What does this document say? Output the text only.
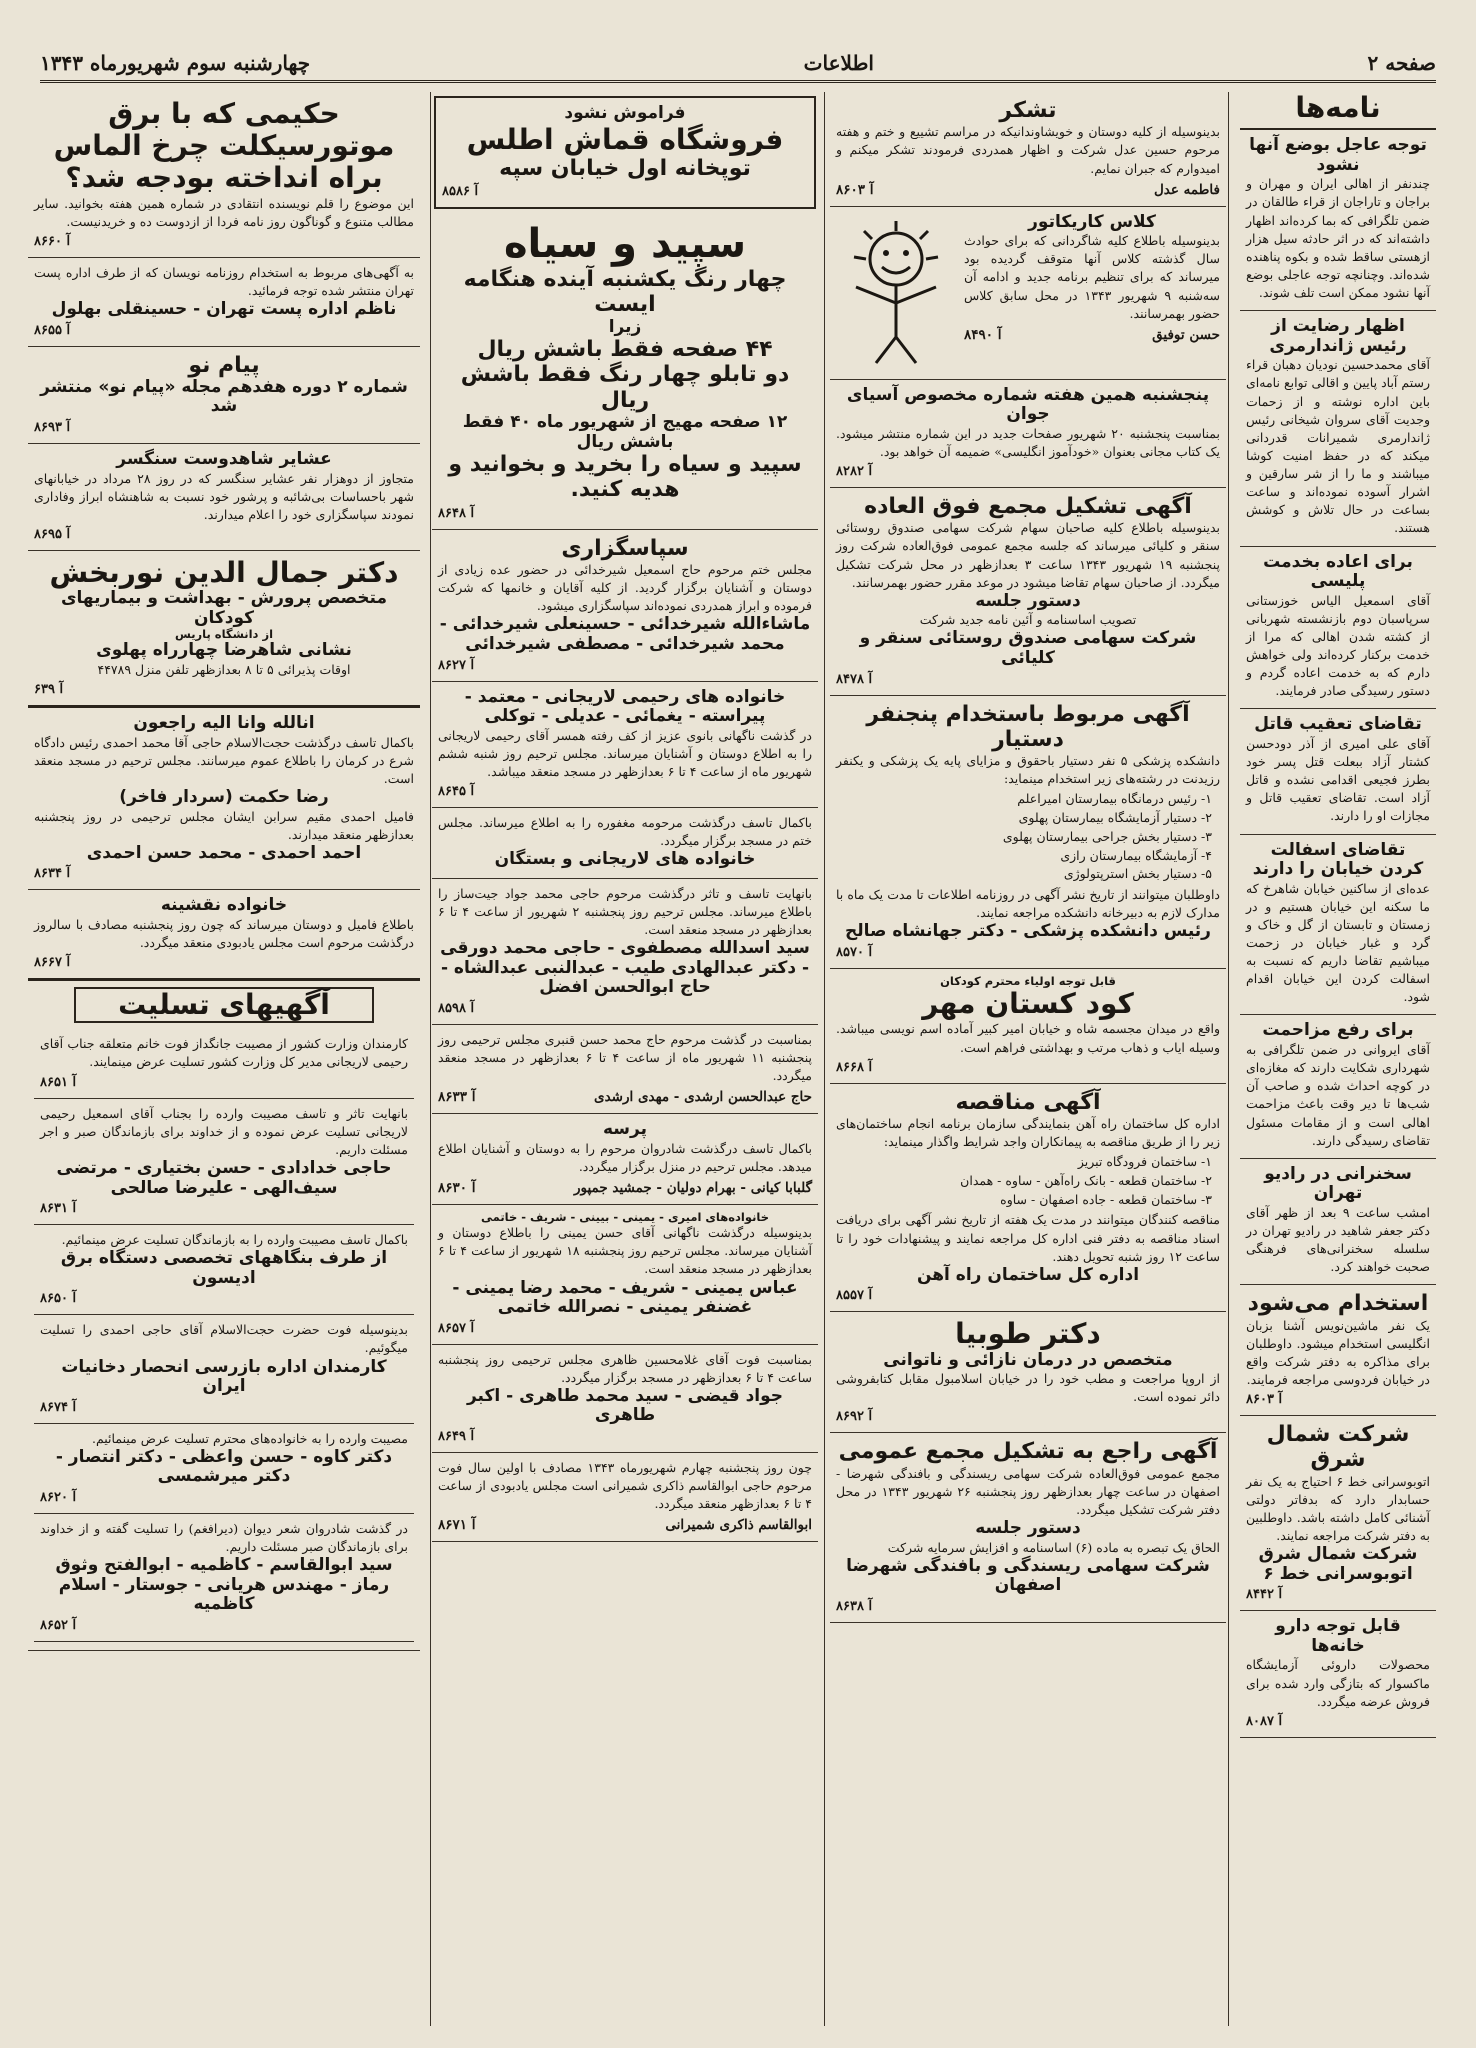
چهارشنبه سوم شهریورماه ۱۳۴۳	اطلاعات	صفحه ۲
نامه‌ها
توجه عاجل بوضع آنها نشود
چندنفر از اهالی ایران و مهران و براجان و تاراجان از قراء طالقان در ضمن تلگرافی که بما کرده‌اند اظهار داشته‌اند که در اثر حادثه سیل هزار ازهستی ساقط شده و بکوه پناهنده شده‌اند. وچنانچه توجه عاجلی بوضع آنها نشود ممکن است تلف شوند.
اظهار رضایت از رئیس ژاندارمری
آقای محمدحسین نودیان دهبان قراء رستم آباد پایین و اقالی توابع نامه‌ای باین اداره نوشته و از زحمات وجدیت آقای سروان شیخانی رئیس ژاندارمری شمیرانات قدردانی میکند که در حفظ امنیت کوشا میباشند و ما را از شر سارقین و اشرار آسوده نموده‌اند و ساعت بساعت در حال تلاش و کوشش هستند.
برای اعاده بخدمت پلیسی
آقای اسمعیل الیاس خوزستانی سرپاسبان دوم بازنشسته شهربانی از کشته شدن اهالی که مرا از خدمت برکنار کرده‌اند ولی خواهش دارم که به خدمت اعاده گردم و دستور رسیدگی صادر فرمایند.
تقاضای تعقیب قاتل
آقای علی امیری از آذر دودحسن کشتار آزاد ببعلت قتل پسر خود بطرز فجیعی اقدامی نشده و قاتل آزاد است. تقاضای تعقیب قاتل و مجازات او را دارند.
تقاضای اسفالت کردن خیابان را دارند
عده‌ای از ساکنین خیابان شاهرخ که ما سکنه این خیابان هستیم و در زمستان و تابستان از گل و خاک و گرد و غبار خیابان در زحمت میباشیم تقاضا داریم که نسبت به اسفالت کردن این خیابان اقدام شود.
برای رفع مزاحمت
آقای ایروانی در ضمن تلگرافی به شهرداری شکایت دارند که مغازه‌ای در کوچه احداث شده و صاحب آن شب‌ها تا دیر وقت باعث مزاحمت اهالی است و از مقامات مسئول تقاضای رسیدگی دارند.
سخنرانی در رادیو تهران
امشب ساعت ۹ بعد از ظهر آقای دکتر جعفر شاهید در رادیو تهران در سلسله سخنرانی‌های فرهنگی صحبت خواهند کرد.
استخدام می‌شود
یک نفر ماشین‌نویس آشنا بزبان انگلیسی استخدام میشود. داوطلبان برای مذاکره به دفتر شرکت واقع در خیابان فردوسی مراجعه فرمایند.
آ ۸۶۰۳
شرکت شمال شرق
اتوبوسرانی خط ۶ احتیاج به یک نفر حسابدار دارد که بدفاتر دولتی آشنائی کامل داشته باشد. داوطلبین به دفتر شرکت مراجعه نمایند.
شرکت شمال شرق اتوبوسرانی خط ۶
آ ۸۴۴۲
قابل توجه دارو خانه‌ها
محصولات داروئی آزمایشگاه ماکسوار که بتازگی وارد شده برای فروش عرضه میگردد.
آ ۸۰۸۷
تشکر
بدینوسیله از کلیه دوستان و خویشاوندانیکه در مراسم تشییع و ختم و هفته مرحوم حسین عدل شرکت و اظهار همدردی فرمودند تشکر میکنم و امیدوارم که جبران نمایم.
فاطمه عدل
آ ۸۶۰۳
کلاس کاریکاتور
بدینوسیله باطلاع کلیه شاگردانی که برای حوادث سال گذشته کلاس آنها متوقف گردیده بود میرساند که برای تنظیم برنامه جدید و ادامه آن سه‌شنبه ۹ شهریور ۱۳۴۳ در محل سابق کلاس حضور بهمرسانند.
حسن توفیق
آ ۸۴۹۰
پنجشنبه همین هفته شماره مخصوص آسیای جوان
بمناسبت پنجشنبه ۲۰ شهریور صفحات جدید در این شماره منتشر میشود. یک کتاب مجانی بعنوان «خودآموز انگلیسی» ضمیمه آن خواهد بود.
آ ۸۲۸۲
آگهی تشکیل مجمع فوق العاده
بدینوسیله باطلاع کلیه صاحبان سهام شرکت سهامی صندوق روستائی سنقر و کلیائی میرساند که جلسه مجمع عمومی فوق‌العاده شرکت روز پنجشنبه ۱۹ شهریور ۱۳۴۳ ساعت ۳ بعدازظهر در محل شرکت تشکیل میگردد. از صاحبان سهام تقاضا میشود در موعد مقرر حضور بهمرسانند.
دستور جلسه
تصویب اساسنامه و آئین نامه جدید شرکت
شرکت سهامی صندوق روستائی سنقر و کلیائی
آ ۸۴۷۸
آگهی مربوط باستخدام پنجنفر دستیار
دانشکده پزشکی ۵ نفر دستیار باحقوق و مزایای پایه یک پزشکی و یکنفر رزیدنت در رشته‌های زیر استخدام مینماید:
۱- رئیس درمانگاه بیمارستان امیراعلم
۲- دستیار آزمایشگاه بیمارستان پهلوی
۳- دستیار بخش جراحی بیمارستان پهلوی
۴- آزمایشگاه بیمارستان رازی
۵- دستیار بخش استرپتولوژی
داوطلبان میتوانند از تاریخ نشر آگهی در روزنامه اطلاعات تا مدت یک ماه با مدارک لازم به دبیرخانه دانشکده مراجعه نمایند.
رئیس دانشکده پزشکی - دکتر جهانشاه صالح
آ ۸۵۷۰
قابل توجه اولیاء محترم کودکان
کود کستان مهر
واقع در میدان مجسمه شاه و خیابان امیر کبیر آماده اسم نویسی میباشد. وسیله ایاب و ذهاب مرتب و بهداشتی فراهم است.
آ ۸۶۶۸
آگهی مناقصه
اداره کل ساختمان راه آهن بنمایندگی سازمان برنامه انجام ساختمان‌های زیر را از طریق مناقصه به پیمانکاران واجد شرایط واگذار مینماید:
۱- ساختمان فرودگاه تبریز
۲- ساختمان قطعه - بانک راه‌آهن - ساوه - همدان
۳- ساختمان قطعه - جاده اصفهان - ساوه
مناقصه کنندگان میتوانند در مدت یک هفته از تاریخ نشر آگهی برای دریافت اسناد مناقصه به دفتر فنی اداره کل مراجعه نمایند و پیشنهادات خود را تا ساعت ۱۲ روز شنبه تحویل دهند.
اداره کل ساختمان راه آهن
آ ۸۵۵۷
دکتر طوبیا
متخصص در درمان نازائی و ناتوانی
از اروپا مراجعت و مطب خود را در خیابان اسلامبول مقابل کتابفروشی دائر نموده است.
آ ۸۶۹۲
آگهی راجع به تشکیل مجمع عمومی
مجمع عمومی فوق‌العاده شرکت سهامی ریسندگی و بافندگی شهرضا - اصفهان در ساعت چهار بعدازظهر روز پنجشنبه ۲۶ شهریور ۱۳۴۳ در محل دفتر شرکت تشکیل میگردد.
دستور جلسه
الحاق یک تبصره به ماده (۶) اساسنامه و افزایش سرمایه شرکت
شرکت سهامی ریسندگی و بافندگی شهرضا اصفهان
آ ۸۶۳۸
فراموش نشود
فروشگاه قماش اطلس
توپخانه اول خیابان سپه
آ ۸۵۸۶
سپید و سیاه
چهار رنگ یکشنبه آینده هنگامه ایست
زیرا
۴۴ صفحه فقط باشش ریال
دو تابلو چهار رنگ فقط باشش ریال
۱۲ صفحه مهیج از شهریور ماه ۴۰ فقط باشش ریال
سپید و سیاه را بخرید و بخوانید و هدیه کنید.
آ ۸۶۴۸
سپاسگزاری
مجلس ختم مرحوم حاج اسمعیل شیرخدائی در حضور عده زیادی از دوستان و آشنایان برگزار گردید. از کلیه آقایان و خانمها که شرکت فرموده و ابراز همدردی نموده‌اند سپاسگزاری میشود.
ماشاءالله شیرخدائی - حسینعلی شیرخدائی - محمد شیرخدائی - مصطفی شیرخدائی
آ ۸۶۲۷
خانواده های رحیمی لاریجانی - معتمد - پیراسته - یغمائی - عدیلی - توکلی
در گذشت ناگهانی بانوی عزیز از کف رفته همسر آقای رحیمی لاریجانی را به اطلاع دوستان و آشنایان میرساند. مجلس ترحیم روز شنبه ششم شهریور ماه از ساعت ۴ تا ۶ بعدازظهر در مسجد منعقد میباشد.
آ ۸۶۴۵
باکمال تاسف درگذشت مرحومه مغفوره را به اطلاع میرساند. مجلس ختم در مسجد برگزار میگردد.
خانواده های لاریجانی و بستگان
بانهایت تاسف و تاثر درگذشت مرحوم حاجی محمد جواد جیت‌ساز را باطلاع میرساند. مجلس ترحیم روز پنجشنبه ۲ شهریور از ساعت ۴ تا ۶ بعدازظهر در مسجد منعقد است.
سید اسدالله مصطفوی - حاجی محمد دورقی - دکتر عبدالهادی طیب - عبدالنبی عبدالشاه - حاج ابوالحسن افضل
آ ۸۵۹۸
بمناسبت در گذشت مرحوم حاج محمد حسن قنبری مجلس ترحیمی روز پنجشنبه ۱۱ شهریور ماه از ساعت ۴ تا ۶ بعدازظهر در مسجد منعقد میگردد.
حاج عبدالحسن ارشدی - مهدی ارشدی
آ ۸۶۳۳
پرسه
باکمال تاسف درگذشت شادروان مرحوم را به دوستان و آشنایان اطلاع میدهد. مجلس ترحیم در منزل برگزار میگردد.
گلبابا کیانی - بهرام دولیان - جمشید جمپور
آ ۸۶۳۰
خانواده‌های امیری - یمینی - بیینی - شریف - خاتمی
بدینوسیله درگذشت ناگهانی آقای حسن یمینی را باطلاع دوستان و آشنایان میرساند. مجلس ترحیم روز پنجشنبه ۱۸ شهریور از ساعت ۴ تا ۶ بعدازظهر در مسجد منعقد است.
عباس یمینی - شریف - محمد رضا یمینی - غضنفر یمینی - نصرالله خاتمی
آ ۸۶۵۷
بمناسبت فوت آقای غلامحسین ظاهری مجلس ترحیمی روز پنجشنبه ساعت ۴ تا ۶ بعدازظهر در مسجد برگزار میگردد.
جواد قیضی - سید محمد طاهری - اکبر طاهری
آ ۸۶۴۹
چون روز پنجشنبه چهارم شهریورماه ۱۳۴۳ مصادف با اولین سال فوت مرحوم حاجی ابوالقاسم ذاکری شمیرانی است مجلس یادبودی از ساعت ۴ تا ۶ بعدازظهر منعقد میگردد.
ابوالقاسم ذاکری شمیرانی
آ ۸۶۷۱
حکیمی که با برق موتورسیکلت چرخ الماس براه انداخته بودجه شد؟
این موضوع را قلم نویسنده انتقادی در شماره همین هفته بخوانید. سایر مطالب متنوع و گوناگون روز نامه فردا از ازدوست ده و خریدنیست.
آ ۸۶۶۰
به آگهی‌های مربوط به استخدام روزنامه نویسان که از طرف اداره پست تهران منتشر شده توجه فرمائید.
ناظم اداره پست تهران - حسینقلی بهلول
آ ۸۶۵۵
پیام نو
شماره ۲ دوره هفدهم مجله «پیام نو» منتشر شد
آ ۸۶۹۳
عشایر شاهدوست سنگسر
متجاوز از دوهزار نفر عشایر سنگسر که در روز ۲۸ مرداد در خیابانهای شهر باحساسات بی‌شائبه و پرشور خود نسبت به شاهنشاه ابراز وفاداری نمودند سپاسگزاری خود را اعلام میدارند.
آ ۸۶۹۵
دکتر جمال الدین نوربخش
متخصص پرورش - بهداشت و بیماریهای کودکان
از دانشگاه پاریس
نشانی شاهرضا چهارراه پهلوی
اوقات پذیرائی ۵ تا ۸ بعدازظهر تلفن منزل ۴۴۷۸۹
آ ۶۳۹
انالله وانا الیه راجعون
باکمال تاسف درگذشت حجت‌الاسلام حاجی آقا محمد احمدی رئیس دادگاه شرع در کرمان را باطلاع عموم میرسانند. مجلس ترحیم در مسجد منعقد است.
رضا حکمت (سردار فاخر)
فامیل احمدی مقیم سرابن ایشان مجلس ترحیمی در روز پنجشنبه بعدازظهر منعقد میدارند.
احمد احمدی - محمد حسن احمدی
آ ۸۶۳۴
خانواده نقشینه
باطلاع فامیل و دوستان میرساند که چون روز پنجشنبه مصادف با سالروز درگذشت مرحوم است مجلس یادبودی منعقد میگردد.
آ ۸۶۶۷
آگهیهای تسلیت
کارمندان وزارت کشور از مصیبت جانگداز فوت خانم متعلقه جناب آقای رحیمی لاریجانی مدیر کل وزارت کشور تسلیت عرض مینمایند.
آ ۸۶۵۱
بانهایت تاثر و تاسف مصیبت وارده را بجناب آقای اسمعیل رحیمی لاریجانی تسلیت عرض نموده و از خداوند برای بازماندگان صبر و اجر مسئلت داریم.
حاجی خدادادی - حسن بختیاری - مرتضی سیف‌الهی - علیرضا صالحی
آ ۸۶۳۱
باکمال تاسف مصیبت وارده را به بازماندگان تسلیت عرض مینمائیم.
از طرف بنگاههای تخصصی دستگاه برق ادیسون
آ ۸۶۵۰
بدینوسیله فوت حضرت حجت‌الاسلام آقای حاجی احمدی را تسلیت میگوئیم.
کارمندان اداره بازرسی انحصار دخانیات ایران
آ ۸۶۷۴
مصیبت وارده را به خانواده‌های محترم تسلیت عرض مینمائیم.
دکتر کاوه - حسن واعظی - دکتر انتصار - دکتر میرشمسی
آ ۸۶۲۰
در گذشت شادروان شعر دیوان (دیرافغم) را تسلیت گفته و از خداوند برای بازماندگان صبر مسئلت داریم.
سید ابوالقاسم - کاظمیه - ابوالفتح وثوق رماز - مهندس هریانی - جوستار - اسلام کاظمیه
آ ۸۶۵۲
